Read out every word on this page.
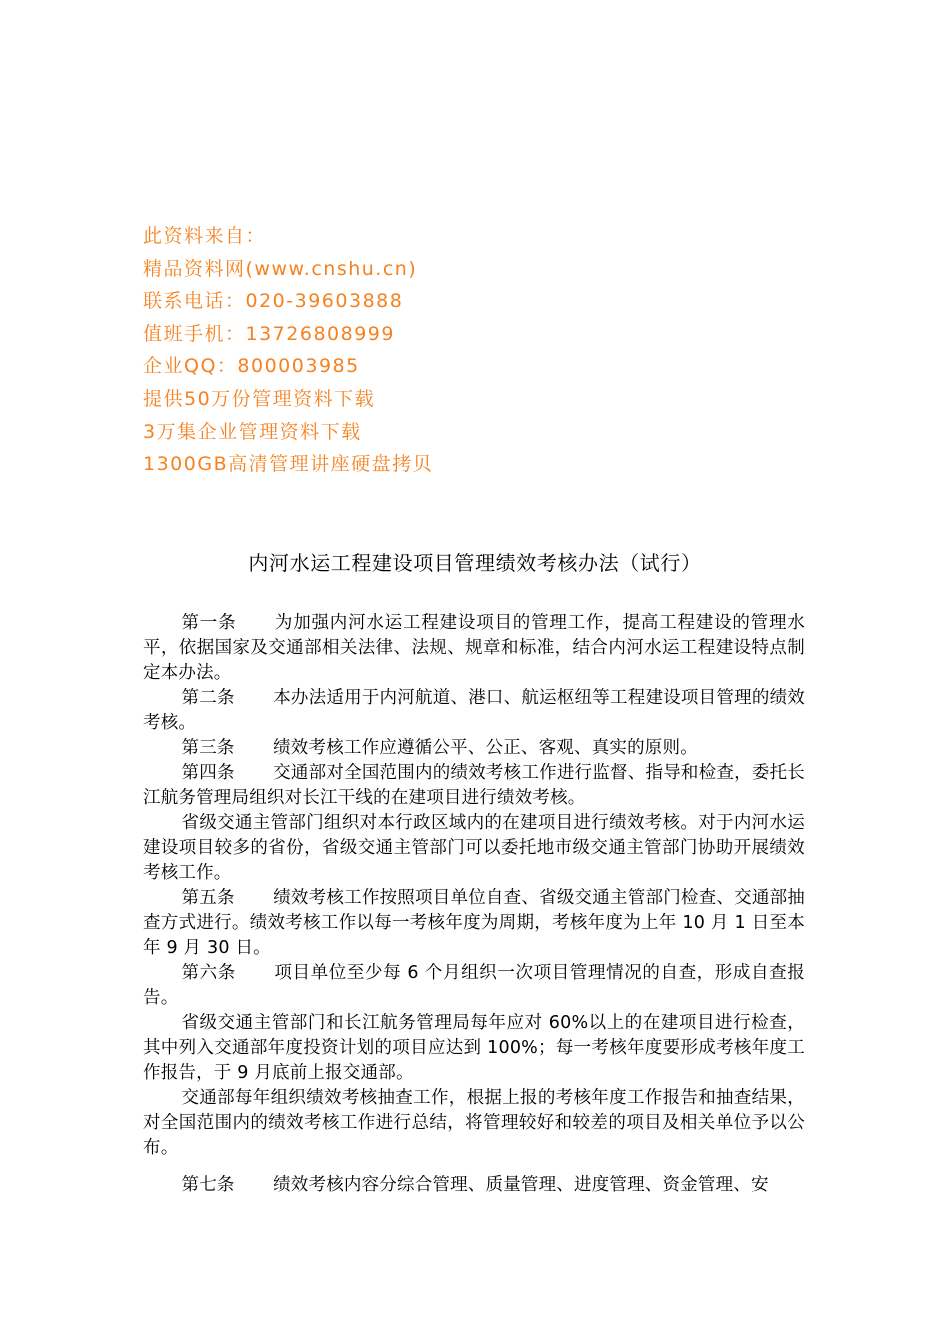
此资料来自：
精品资料网(www.cnshu.cn)
联系电话：020-39603888
值班手机：13726808999
企业QQ：800003985
提供50万份管理资料下载
3万集企业管理资料下载
1300GB高清管理讲座硬盘拷贝
内河水运工程建设项目管理绩效考核办法（试行）

第一条 为加强内河水运工程建设项目的管理工作，提高工程建设的管理水平，依据国家及交通部相关法律、法规、规章和标准，结合内河水运工程建设特点制定本办法。

第二条 本办法适用于内河航道、港口、航运枢纽等工程建设项目管理的绩效考核。

第三条 绩效考核工作应遵循公平、公正、客观、真实的原则。

第四条 交通部对全国范围内的绩效考核工作进行监督、指导和检查，委托长江航务管理局组织对长江干线的在建项目进行绩效考核。

省级交通主管部门组织对本行政区域内的在建项目进行绩效考核。对于内河水运建设项目较多的省份，省级交通主管部门可以委托地市级交通主管部门协助开展绩效考核工作。

第五条 绩效考核工作按照项目单位自查、省级交通主管部门检查、交通部抽查方式进行。绩效考核工作以每一考核年度为周期，考核年度为上年 10 月 1 日至本年 9 月 30 日。

第六条 项目单位至少每 6 个月组织一次项目管理情况的自查，形成自查报告。

省级交通主管部门和长江航务管理局每年应对 60%以上的在建项目进行检查，其中列入交通部年度投资计划的项目应达到 100%；每一考核年度要形成考核年度工作报告，于 9 月底前上报交通部。

交通部每年组织绩效考核抽查工作，根据上报的考核年度工作报告和抽查结果，对全国范围内的绩效考核工作进行总结，将管理较好和较差的项目及相关单位予以公布。

第七条 绩效考核内容分综合管理、质量管理、进度管理、资金管理、安
